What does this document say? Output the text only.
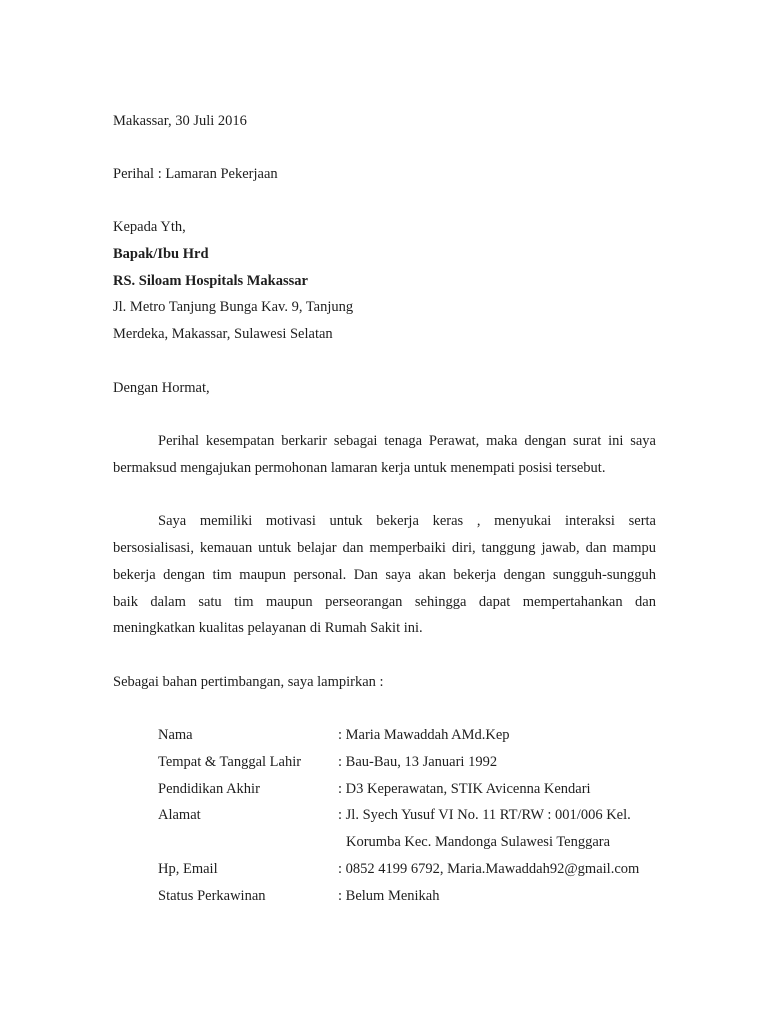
Makassar, 30 Juli 2016
Perihal : Lamaran Pekerjaan
Kepada Yth,
Bapak/Ibu Hrd
RS. Siloam Hospitals Makassar
Jl. Metro Tanjung Bunga Kav. 9, Tanjung
Merdeka, Makassar, Sulawesi Selatan
Dengan Hormat,
Perihal kesempatan berkarir sebagai tenaga Perawat, maka dengan surat ini saya
bermaksud mengajukan permohonan lamaran kerja untuk menempati posisi tersebut.
Saya memiliki motivasi untuk bekerja keras , menyukai interaksi serta
bersosialisasi, kemauan untuk belajar dan memperbaiki diri, tanggung jawab, dan mampu
bekerja dengan tim maupun personal. Dan saya akan bekerja dengan sungguh-sungguh
baik dalam satu tim maupun perseorangan sehingga dapat mempertahankan dan
meningkatkan kualitas pelayanan di Rumah Sakit ini.
Sebagai bahan pertimbangan, saya lampirkan :
Nama	: Maria Mawaddah AMd.Kep
Tempat & Tanggal Lahir	: Bau-Bau, 13 Januari 1992
Pendidikan Akhir	: D3 Keperawatan, STIK Avicenna Kendari
Alamat	: Jl. Syech Yusuf VI No. 11 RT/RW : 001/006 Kel.
Korumba Kec. Mandonga Sulawesi Tenggara
Hp, Email	: 0852 4199 6792, Maria.Mawaddah92@gmail.com
Status Perkawinan	: Belum Menikah
